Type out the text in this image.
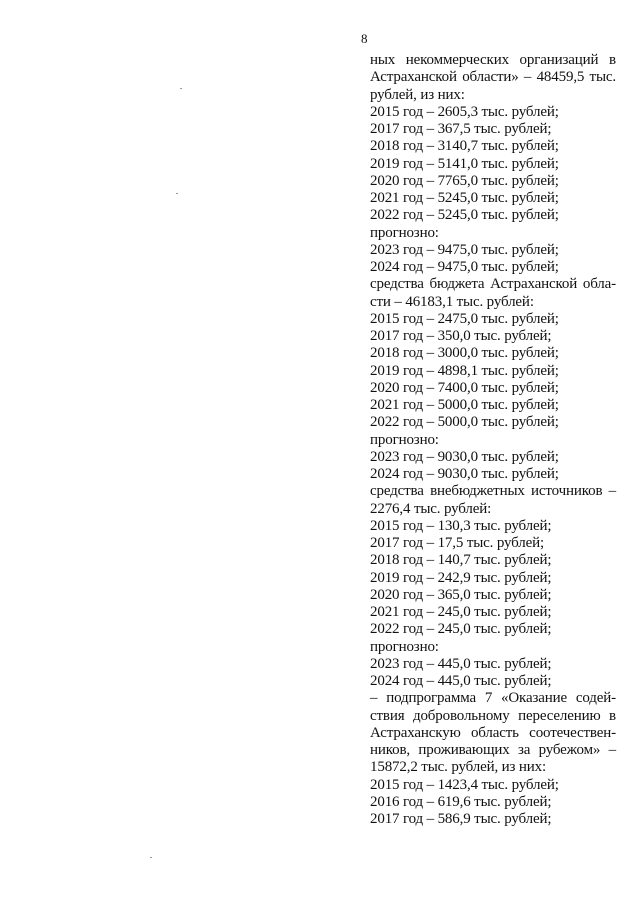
8
ных некоммерческих организаций в
Астраханской области» – 48459,5 тыс.
рублей, из них:
2015 год – 2605,3 тыс. рублей;
2017 год – 367,5 тыс. рублей;
2018 год – 3140,7 тыс. рублей;
2019 год – 5141,0 тыс. рублей;
2020 год – 7765,0 тыс. рублей;
2021 год – 5245,0 тыс. рублей;
2022 год – 5245,0 тыс. рублей;
прогнозно:
2023 год – 9475,0 тыс. рублей;
2024 год – 9475,0 тыс. рублей;
средства бюджета Астраханской обла-
сти – 46183,1 тыс. рублей:
2015 год – 2475,0 тыс. рублей;
2017 год – 350,0 тыс. рублей;
2018 год – 3000,0 тыс. рублей;
2019 год – 4898,1 тыс. рублей;
2020 год – 7400,0 тыс. рублей;
2021 год – 5000,0 тыс. рублей;
2022 год – 5000,0 тыс. рублей;
прогнозно:
2023 год – 9030,0 тыс. рублей;
2024 год – 9030,0 тыс. рублей;
средства внебюджетных источников –
2276,4 тыс. рублей:
2015 год – 130,3 тыс. рублей;
2017 год – 17,5 тыс. рублей;
2018 год – 140,7 тыс. рублей;
2019 год – 242,9 тыс. рублей;
2020 год – 365,0 тыс. рублей;
2021 год – 245,0 тыс. рублей;
2022 год – 245,0 тыс. рублей;
прогнозно:
2023 год – 445,0 тыс. рублей;
2024 год – 445,0 тыс. рублей;
– подпрограмма 7 «Оказание содей-
ствия добровольному переселению в
Астраханскую область соотечествен-
ников, проживающих за рубежом» –
15872,2 тыс. рублей, из них:
2015 год – 1423,4 тыс. рублей;
2016 год – 619,6 тыс. рублей;
2017 год – 586,9 тыс. рублей;
